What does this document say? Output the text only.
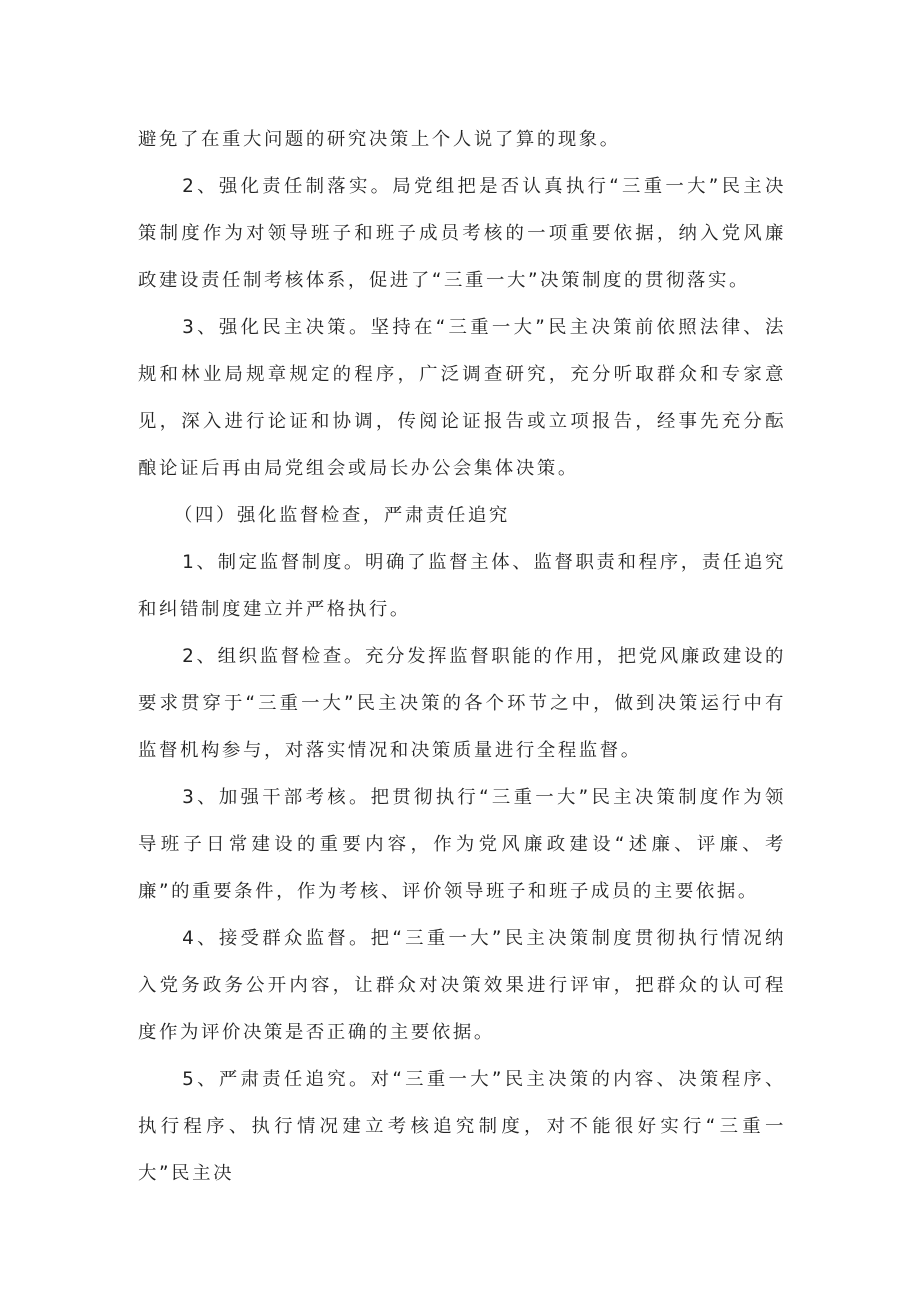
避免了在重大问题的研究决策上个人说了算的现象。

2、强化责任制落实。局党组把是否认真执行“三重一大”民主决策制度作为对领导班子和班子成员考核的一项重要依据，纳入党风廉政建设责任制考核体系，促进了“三重一大”决策制度的贯彻落实。

3、强化民主决策。坚持在“三重一大”民主决策前依照法律、法规和林业局规章规定的程序，广泛调查研究，充分听取群众和专家意见，深入进行论证和协调，传阅论证报告或立项报告，经事先充分酝酿论证后再由局党组会或局长办公会集体决策。

（四）强化监督检查，严肃责任追究

1、制定监督制度。明确了监督主体、监督职责和程序，责任追究和纠错制度建立并严格执行。

2、组织监督检查。充分发挥监督职能的作用，把党风廉政建设的要求贯穿于“三重一大”民主决策的各个环节之中，做到决策运行中有监督机构参与，对落实情况和决策质量进行全程监督。

3、加强干部考核。把贯彻执行“三重一大”民主决策制度作为领导班子日常建设的重要内容，作为党风廉政建设“述廉、评廉、考廉”的重要条件，作为考核、评价领导班子和班子成员的主要依据。

4、接受群众监督。把“三重一大”民主决策制度贯彻执行情况纳入党务政务公开内容，让群众对决策效果进行评审，把群众的认可程度作为评价决策是否正确的主要依据。

5、严肃责任追究。对“三重一大”民主决策的内容、决策程序、执行程序、执行情况建立考核追究制度，对不能很好实行“三重一大”民主决
